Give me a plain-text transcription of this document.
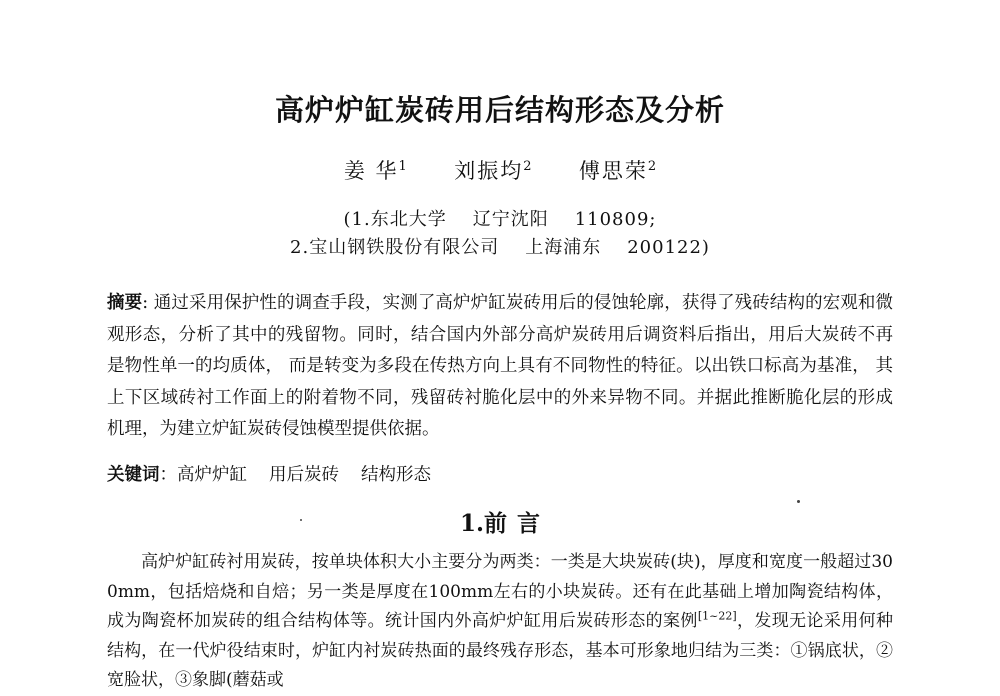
高炉炉缸炭砖用后结构形态及分析
姜 华$^1$ 刘振均$^2$ 傅思荣$^2$
(1.东北大学 辽宁沈阳 110809;
2.宝山钢铁股份有限公司 上海浦东 200122)
摘要: 通过采用保护性的调查手段，实测了高炉炉缸炭砖用后的侵蚀轮廓，获得了残砖结构的宏观和微观形态，分析了其中的残留物。同时，结合国内外部分高炉炭砖用后调资料后指出，用后大炭砖不再是物性单一的均质体， 而是转变为多段在传热方向上具有不同物性的特征。以出铁口标高为基准， 其上下区域砖衬工作面上的附着物不同，残留砖衬脆化层中的外来异物不同。并据此推断脆化层的形成机理，为建立炉缸炭砖侵蚀模型提供依据。
关键词：高炉炉缸 用后炭砖 结构形态
1.前 言
高炉炉缸砖衬用炭砖，按单块体积大小主要分为两类：一类是大块炭砖(块)，厚度和宽度一般超过300mm，包括焙烧和自焙；另一类是厚度在100mm左右的小块炭砖。还有在此基础上增加陶瓷结构体，成为陶瓷杯加炭砖的组合结构体等。统计国内外高炉炉缸用后炭砖形态的案例[1~22]，发现无论采用何种结构，在一代炉役结束时，炉缸内衬炭砖热面的最终残存形态，基本可形象地归结为三类：①锅底状，②宽脸状，③象脚(蘑菇或
